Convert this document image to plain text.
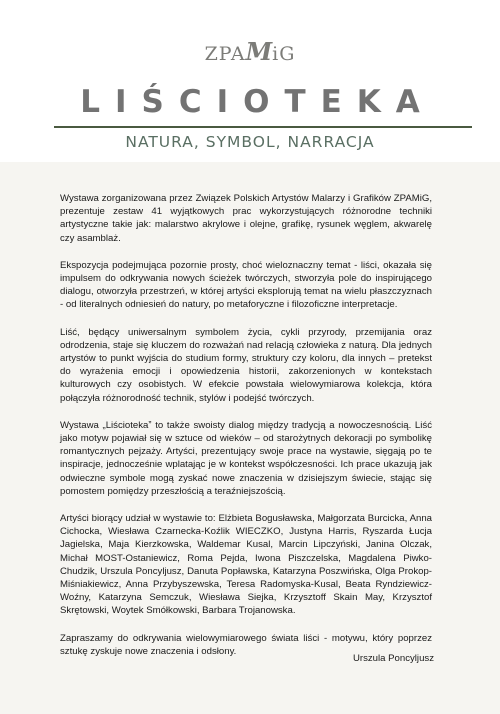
ZPAMiG
LIŚCIOTEKA
NATURA, SYMBOL, NARRACJA

Wystawa zorganizowana przez Związek Polskich Artystów Malarzy i Grafików ZPAMiG, prezentuje zestaw 41 wyjątkowych prac wykorzystujących różnorodne techniki artystyczne takie jak: malarstwo akrylowe i olejne, grafikę, rysunek węglem, akwarelę czy asamblaż.

Ekspozycja podejmująca pozornie prosty, choć wieloznaczny temat - liści, okazała się impulsem do odkrywania nowych ścieżek twórczych, stworzyła pole do inspirującego dialogu, otworzyła przestrzeń, w której artyści eksplorują temat na wielu płaszczyznach - od literalnych odniesień do natury, po metaforyczne i filozoficzne interpretacje.

Liść, będący uniwersalnym symbolem życia, cykli przyrody, przemijania oraz odrodzenia, staje się kluczem do rozważań nad relacją człowieka z naturą. Dla jednych artystów to punkt wyjścia do studium formy, struktury czy koloru, dla innych – pretekst do wyrażenia emocji i opowiedzenia historii, zakorzenionych w kontekstach kulturowych czy osobistych. W efekcie powstała wielowymiarowa kolekcja, która połączyła różnorodność technik, stylów i podejść twórczych.

Wystawa „Liściotekaˮ to także swoisty dialog między tradycją a nowoczesnością. Liść jako motyw pojawiał się w sztuce od wieków – od starożytnych dekoracji po symbolikę romantycznych pejzaży. Artyści, prezentujący swoje prace na wystawie, sięgają po te inspiracje, jednocześnie wplatając je w kontekst współczesności. Ich prace ukazują jak odwieczne symbole mogą zyskać nowe znaczenia w dzisiejszym świecie, stając się pomostem pomiędzy przeszłością a teraźniejszością.

Artyści biorący udział w wystawie to: Elżbieta Bogusławska, Małgorzata Burcicka, Anna Cichocka, Wiesława Czarnecka-Koźlik WIECZKO, Justyna Harris, Ryszarda Łucja Jagielska, Maja Kierzkowska, Waldemar Kusal, Marcin Lipczyński, Janina Olczak, Michał MOST-Ostaniewicz, Roma Pejda, Iwona Piszczelska, Magdalena Piwko-Chudzik, Urszula Poncyljusz, Danuta Popławska, Katarzyna Poszwińska, Olga Prokop-Miśniakiewicz, Anna Przybyszewska, Teresa Radomyska-Kusal, Beata Ryndziewicz-Woźny, Katarzyna Semczuk, Wiesława Siejka, Krzysztoff Skain May, Krzysztof Skrętowski, Woytek Smółkowski, Barbara Trojanowska.

Zapraszamy do odkrywania wielowymiarowego świata liści - motywu, który poprzez sztukę zyskuje nowe znaczenia i odsłony.

Urszula Poncyljusz
